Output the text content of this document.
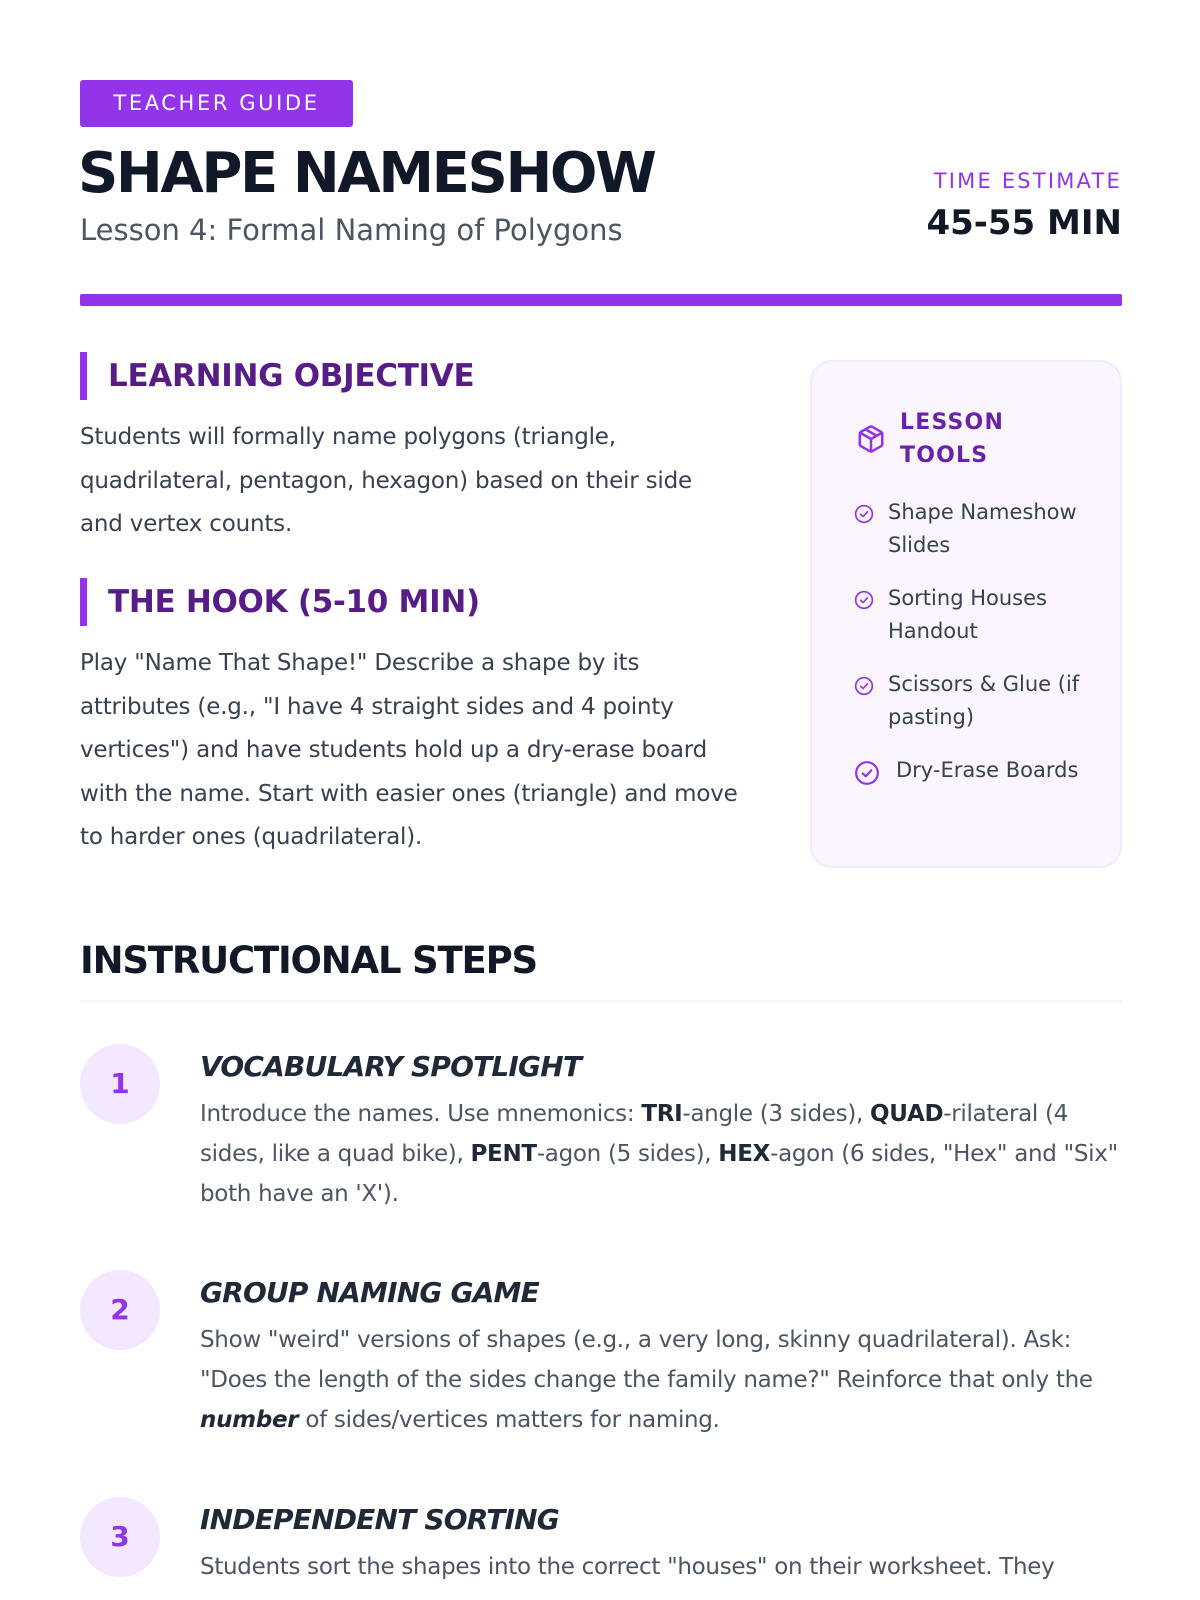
TEACHER GUIDE
SHAPE NAMESHOW
Lesson 4: Formal Naming of Polygons
TIME ESTIMATE
45-55 MIN
LEARNING OBJECTIVE

Students will formally name polygons (triangle, quadrilateral, pentagon, hexagon) based on their side and vertex counts.

THE HOOK (5-10 MIN)

Play "Name That Shape!" Describe a shape by its attributes (e.g., "I have 4 straight sides and 4 pointy vertices") and have students hold up a dry-erase board with the name. Start with easier ones (triangle) and move to harder ones (quadrilateral).

LESSON TOOLS
Shape Nameshow Slides
Sorting Houses Handout
Scissors & Glue (if pasting)
Dry-Erase Boards
INSTRUCTIONAL STEPS
1
VOCABULARY SPOTLIGHT

Introduce the names. Use mnemonics: TRI-angle (3 sides), QUAD-rilateral (4 sides, like a quad bike), PENT-agon (5 sides), HEX-agon (6 sides, "Hex" and "Six" both have an 'X').

2
GROUP NAMING GAME

Show "weird" versions of shapes (e.g., a very long, skinny quadrilateral). Ask: "Does the length of the sides change the family name?" Reinforce that only the number of sides/vertices matters for naming.

3
INDEPENDENT SORTING

Students sort the shapes into the correct "houses" on their worksheet. They
